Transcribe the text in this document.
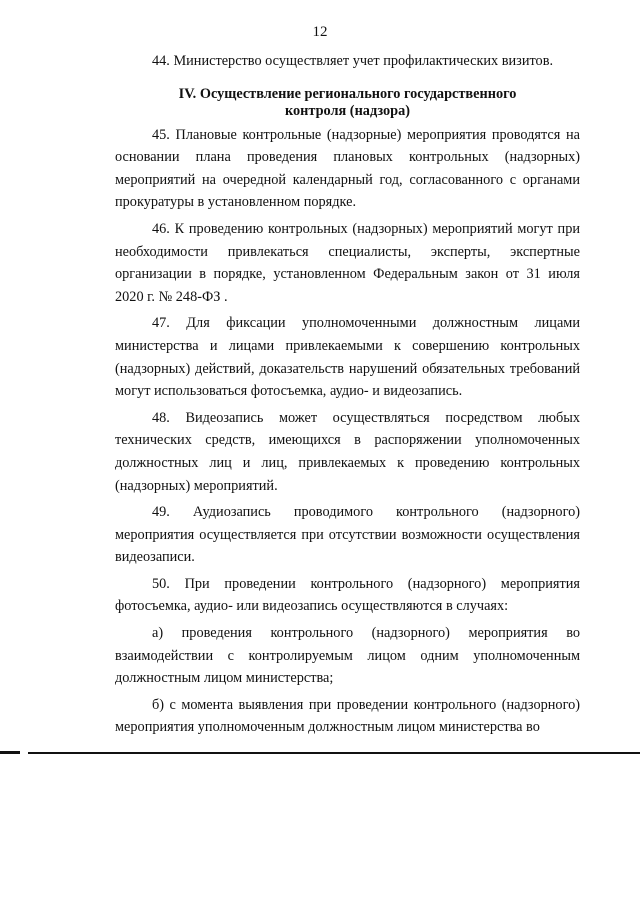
12

44. Министерство осуществляет учет профилактических визитов.

IV. Осуществление регионального государственного
контроля (надзора)

45. Плановые контрольные (надзорные) мероприятия проводятся на основании плана проведения плановых контрольных (надзорных) мероприятий на очередной календарный год, согласованного с органами прокуратуры в установленном порядке.

46. К проведению контрольных (надзорных) мероприятий могут при необходимости привлекаться специалисты, эксперты, экспертные организации в порядке, установленном Федеральным закон от 31 июля 2020 г. № 248-ФЗ .

47. Для фиксации уполномоченными должностным лицами министерства и лицами привлекаемыми к совершению контрольных (надзорных) действий, доказательств нарушений обязательных требований могут использоваться фотосъемка, аудио- и видеозапись.

48. Видеозапись может осуществляться посредством любых технических средств, имеющихся в распоряжении уполномоченных должностных лиц и лиц, привлекаемых к проведению контрольных (надзорных) мероприятий.

49. Аудиозапись проводимого контрольного (надзорного) мероприятия осуществляется при отсутствии возможности осуществления видеозаписи.

50. При проведении контрольного (надзорного) мероприятия фотосъемка, аудио- или видеозапись осуществляются в случаях:

а) проведения контрольного (надзорного) мероприятия во взаимодействии с контролируемым лицом одним уполномоченным должностным лицом министерства;

б) с момента выявления при проведении контрольного (надзорного) мероприятия уполномоченным должностным лицом министерства во
